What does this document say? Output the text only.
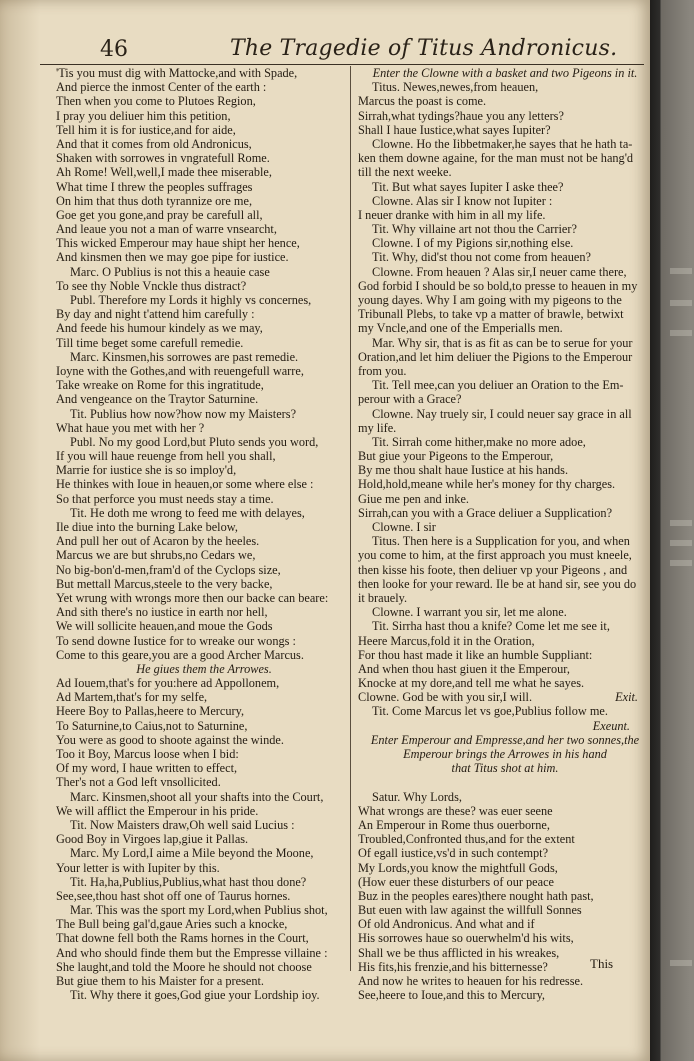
46	The Tragedie of Titus Andronicus.
'Tis you must dig with Mattocke,and with Spade,
And pierce the inmost Center of the earth :
Then when you come to Plutoes Region,
I pray you deliuer him this petition,
Tell him it is for iustice,and for aide,
And that it comes from old Andronicus,
Shaken with sorrowes in vngratefull Rome.
Ah Rome! Well,well,I made thee miserable,
What time I threw the peoples suffrages
On him that thus doth tyrannize ore me,
Goe get you gone,and pray be carefull all,
And leaue you not a man of warre vnsearcht,
This wicked Emperour may haue shipt her hence,
And kinsmen then we may goe pipe for iustice.
Marc. O Publius is not this a heauie case
To see thy Noble Vnckle thus distract?
Publ. Therefore my Lords it highly vs concernes,
By day and night t'attend him carefully :
And feede his humour kindely as we may,
Till time beget some carefull remedie.
Marc. Kinsmen,his sorrowes are past remedie.
Ioyne with the Gothes,and with reuengefull warre,
Take wreake on Rome for this ingratitude,
And vengeance on the Traytor Saturnine.
Tit. Publius how now?how now my Maisters?
What haue you met with her ?
Publ. No my good Lord,but Pluto sends you word,
If you will haue reuenge from hell you shall,
Marrie for iustice she is so imploy'd,
He thinkes with Ioue in heauen,or some where else :
So that perforce you must needs stay a time.
Tit. He doth me wrong to feed me with delayes,
Ile diue into the burning Lake below,
And pull her out of Acaron by the heeles.
Marcus we are but shrubs,no Cedars we,
No big-bon'd-men,fram'd of the Cyclops size,
But mettall Marcus,steele to the very backe,
Yet wrung with wrongs more then our backe can beare:
And sith there's no iustice in earth nor hell,
We will sollicite heauen,and moue the Gods
To send downe Iustice for to wreake our wongs :
Come to this geare,you are a good Archer Marcus.
He giues them the Arrowes.
Ad Iouem,that's for you:here ad Appollonem,
Ad Martem,that's for my selfe,
Heere Boy to Pallas,heere to Mercury,
To Saturnine,to Caius,not to Saturnine,
You were as good to shoote against the winde.
Too it Boy, Marcus loose when I bid:
Of my word, I haue written to effect,
Ther's not a God left vnsollicited.
Marc. Kinsmen,shoot all your shafts into the Court,
We will afflict the Emperour in his pride.
Tit. Now Maisters draw,Oh well said Lucius :
Good Boy in Virgoes lap,giue it Pallas.
Marc. My Lord,I aime a Mile beyond the Moone,
Your letter is with Iupiter by this.
Tit. Ha,ha,Publius,Publius,what hast thou done?
See,see,thou hast shot off one of Taurus hornes.
Mar. This was the sport my Lord,when Publius shot,
The Bull being gal'd,gaue Aries such a knocke,
That downe fell both the Rams hornes in the Court,
And who should finde them but the Empresse villaine :
She laught,and told the Moore he should not choose
But giue them to his Maister for a present.
Tit. Why there it goes,God giue your Lordship ioy.
Enter the Clowne with a basket and two Pigeons in it.
Titus. Newes,newes,from heauen,
Marcus the poast is come.
Sirrah,what tydings?haue you any letters?
Shall I haue Iustice,what sayes Iupiter?
Clowne. Ho the Iibbetmaker,he sayes that he hath ta-
ken them downe againe, for the man must not be hang'd
till the next weeke.
Tit. But what sayes Iupiter I aske thee?
Clowne. Alas sir I know not Iupiter :
I neuer dranke with him in all my life.
Tit. Why villaine art not thou the Carrier?
Clowne. I of my Pigions sir,nothing else.
Tit. Why, did'st thou not come from heauen?
Clowne. From heauen ? Alas sir,I neuer came there,
God forbid I should be so bold,to presse to heauen in my
young dayes. Why I am going with my pigeons to the
Tribunall Plebs, to take vp a matter of brawle, betwixt
my Vncle,and one of the Emperialls men.
Mar. Why sir, that is as fit as can be to serue for your
Oration,and let him deliuer the Pigions to the Emperour
from you.
Tit. Tell mee,can you deliuer an Oration to the Em-
perour with a Grace?
Clowne. Nay truely sir, I could neuer say grace in all
my life.
Tit. Sirrah come hither,make no more adoe,
But giue your Pigeons to the Emperour,
By me thou shalt haue Iustice at his hands.
Hold,hold,meane while her's money for thy charges.
Giue me pen and inke.
Sirrah,can you with a Grace deliuer a Supplication?
Clowne. I sir
Titus. Then here is a Supplication for you, and when
you come to him, at the first approach you must kneele,
then kisse his foote, then deliuer vp your Pigeons , and
then looke for your reward. Ile be at hand sir, see you do
it brauely.
Clowne. I warrant you sir, let me alone.
Tit. Sirrha hast thou a knife? Come let me see it,
Heere Marcus,fold it in the Oration,
For thou hast made it like an humble Suppliant:
And when thou hast giuen it the Emperour,
Knocke at my dore,and tell me what he sayes.
Clowne. God be with you sir,I will.	Exit.
Tit. Come Marcus let vs goe,Publius follow me.
Exeunt.
Enter Emperour and Empresse,and her two sonnes,the
Emperour brings the Arrowes in his hand
that Titus shot at him.
Satur. Why Lords,
What wrongs are these? was euer seene
An Emperour in Rome thus ouerborne,
Troubled,Confronted thus,and for the extent
Of egall iustice,vs'd in such contempt?
My Lords,you know the mightfull Gods,
(How euer these disturbers of our peace
Buz in the peoples eares)there nought hath past,
But euen with law against the willfull Sonnes
Of old Andronicus. And what and if
His sorrowes haue so ouerwhelm'd his wits,
Shall we be thus afflicted in his wreakes,
His fits,his frenzie,and his bitternesse?
And now he writes to heauen for his redresse.
See,heere to Ioue,and this to Mercury,
This
